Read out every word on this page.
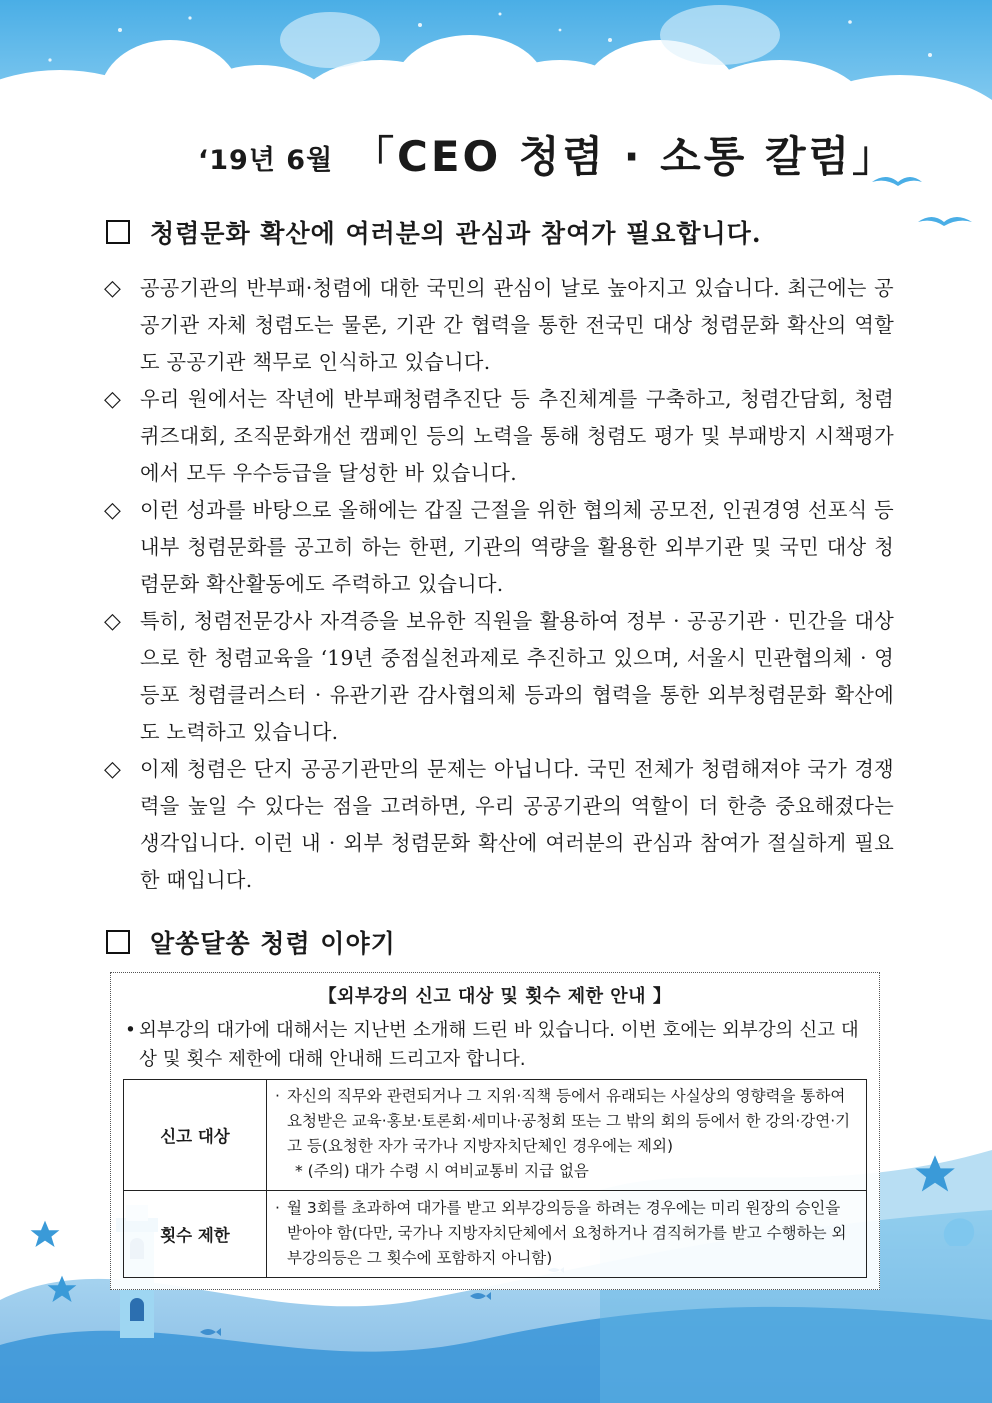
‘19년 6월 「CEO 청렴 · 소통 칼럼」
청렴문화 확산에 여러분의 관심과 참여가 필요합니다.
◇ 공공기관의 반부패·청렴에 대한 국민의 관심이 날로 높아지고 있습니다. 최근에는 공공기관 자체 청렴도는 물론, 기관 간 협력을 통한 전국민 대상 청렴문화 확산의 역할도 공공기관 책무로 인식하고 있습니다.
◇ 우리 원에서는 작년에 반부패청렴추진단 등 추진체계를 구축하고, 청렴간담회, 청렴퀴즈대회, 조직문화개선 캠페인 등의 노력을 통해 청렴도 평가 및 부패방지 시책평가에서 모두 우수등급을 달성한 바 있습니다.
◇ 이런 성과를 바탕으로 올해에는 갑질 근절을 위한 협의체 공모전, 인권경영 선포식 등 내부 청렴문화를 공고히 하는 한편, 기관의 역량을 활용한 외부기관 및 국민 대상 청렴문화 확산활동에도 주력하고 있습니다.
◇ 특히, 청렴전문강사 자격증을 보유한 직원을 활용하여 정부 · 공공기관 · 민간을 대상으로 한 청렴교육을 ‘19년 중점실천과제로 추진하고 있으며, 서울시 민관협의체 · 영등포 청렴클러스터 · 유관기관 감사협의체 등과의 협력을 통한 외부청렴문화 확산에도 노력하고 있습니다.
◇ 이제 청렴은 단지 공공기관만의 문제는 아닙니다. 국민 전체가 청렴해져야 국가 경쟁력을 높일 수 있다는 점을 고려하면, 우리 공공기관의 역할이 더 한층 중요해졌다는 생각입니다. 이런 내 · 외부 청렴문화 확산에 여러분의 관심과 참여가 절실하게 필요한 때입니다.
알쏭달쏭 청렴 이야기
【외부강의 신고 대상 및 횟수 제한 안내 】
• 외부강의 대가에 대해서는 지난번 소개해 드린 바 있습니다. 이번 호에는 외부강의 신고 대상 및 횟수 제한에 대해 안내해 드리고자 합니다.
신고 대상	· 자신의 직무와 관련되거나 그 지위·직책 등에서 유래되는 사실상의 영향력을 통하여 요청받은 교육·홍보·토론회·세미나·공청회 또는 그 밖의 회의 등에서 한 강의·강연·기고 등(요청한 자가 국가나 지방자치단체인 경우에는 제외)
* (주의) 대가 수령 시 여비교통비 지급 없음

횟수 제한	· 월 3회를 초과하여 대가를 받고 외부강의등을 하려는 경우에는 미리 원장의 승인을 받아야 함(다만, 국가나 지방자치단체에서 요청하거나 겸직허가를 받고 수행하는 외부강의등은 그 횟수에 포함하지 아니함)
